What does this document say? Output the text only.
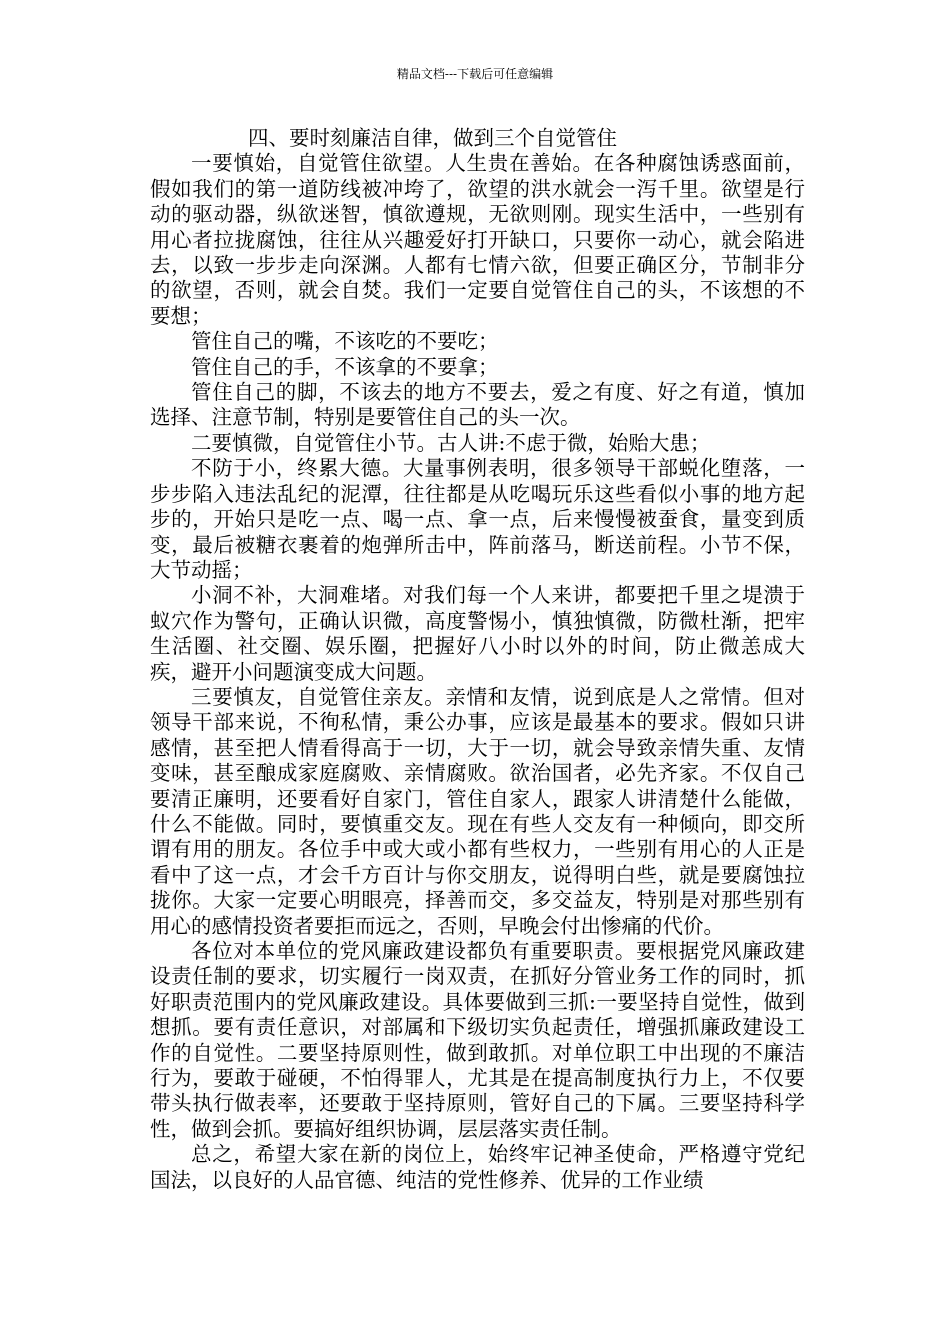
精品文档---下载后可任意编辑

四、要时刻廉洁自律，做到三个自觉管住

一要慎始，自觉管住欲望。人生贵在善始。在各种腐蚀诱惑面前，假如我们的第一道防线被冲垮了，欲望的洪水就会一泻千里。欲望是行动的驱动器，纵欲迷智，慎欲遵规，无欲则刚。现实生活中，一些别有用心者拉拢腐蚀，往往从兴趣爱好打开缺口，只要你一动心，就会陷进去，以致一步步走向深渊。人都有七情六欲，但要正确区分，节制非分的欲望，否则，就会自焚。我们一定要自觉管住自己的头，不该想的不要想；

管住自己的嘴，不该吃的不要吃；

管住自己的手，不该拿的不要拿；

管住自己的脚，不该去的地方不要去，爱之有度、好之有道，慎加选择、注意节制，特别是要管住自己的头一次。

二要慎微，自觉管住小节。古人讲:不虑于微，始贻大患；

不防于小，终累大德。大量事例表明，很多领导干部蜕化堕落，一步步陷入违法乱纪的泥潭，往往都是从吃喝玩乐这些看似小事的地方起步的，开始只是吃一点、喝一点、拿一点，后来慢慢被蚕食，量变到质变，最后被糖衣裹着的炮弹所击中，阵前落马，断送前程。小节不保，大节动摇；

小洞不补，大洞难堵。对我们每一个人来讲，都要把千里之堤溃于蚁穴作为警句，正确认识微，高度警惕小，慎独慎微，防微杜渐，把牢生活圈、社交圈、娱乐圈，把握好八小时以外的时间，防止微恙成大疾，避开小问题演变成大问题。

三要慎友，自觉管住亲友。亲情和友情，说到底是人之常情。但对领导干部来说，不徇私情，秉公办事，应该是最基本的要求。假如只讲感情，甚至把人情看得高于一切，大于一切，就会导致亲情失重、友情变味，甚至酿成家庭腐败、亲情腐败。欲治国者，必先齐家。不仅自己要清正廉明，还要看好自家门，管住自家人，跟家人讲清楚什么能做，什么不能做。同时，要慎重交友。现在有些人交友有一种倾向，即交所谓有用的朋友。各位手中或大或小都有些权力，一些别有用心的人正是看中了这一点，才会千方百计与你交朋友，说得明白些，就是要腐蚀拉拢你。大家一定要心明眼亮，择善而交，多交益友，特别是对那些别有用心的感情投资者要拒而远之，否则，早晚会付出惨痛的代价。

各位对本单位的党风廉政建设都负有重要职责。要根据党风廉政建设责任制的要求，切实履行一岗双责，在抓好分管业务工作的同时，抓好职责范围内的党风廉政建设。具体要做到三抓:一要坚持自觉性，做到想抓。要有责任意识，对部属和下级切实负起责任，增强抓廉政建设工作的自觉性。二要坚持原则性，做到敢抓。对单位职工中出现的不廉洁行为，要敢于碰硬，不怕得罪人，尤其是在提高制度执行力上，不仅要带头执行做表率，还要敢于坚持原则，管好自己的下属。三要坚持科学性，做到会抓。要搞好组织协调，层层落实责任制。

总之，希望大家在新的岗位上，始终牢记神圣使命，严格遵守党纪国法，以良好的人品官德、纯洁的党性修养、优异的工作业绩
